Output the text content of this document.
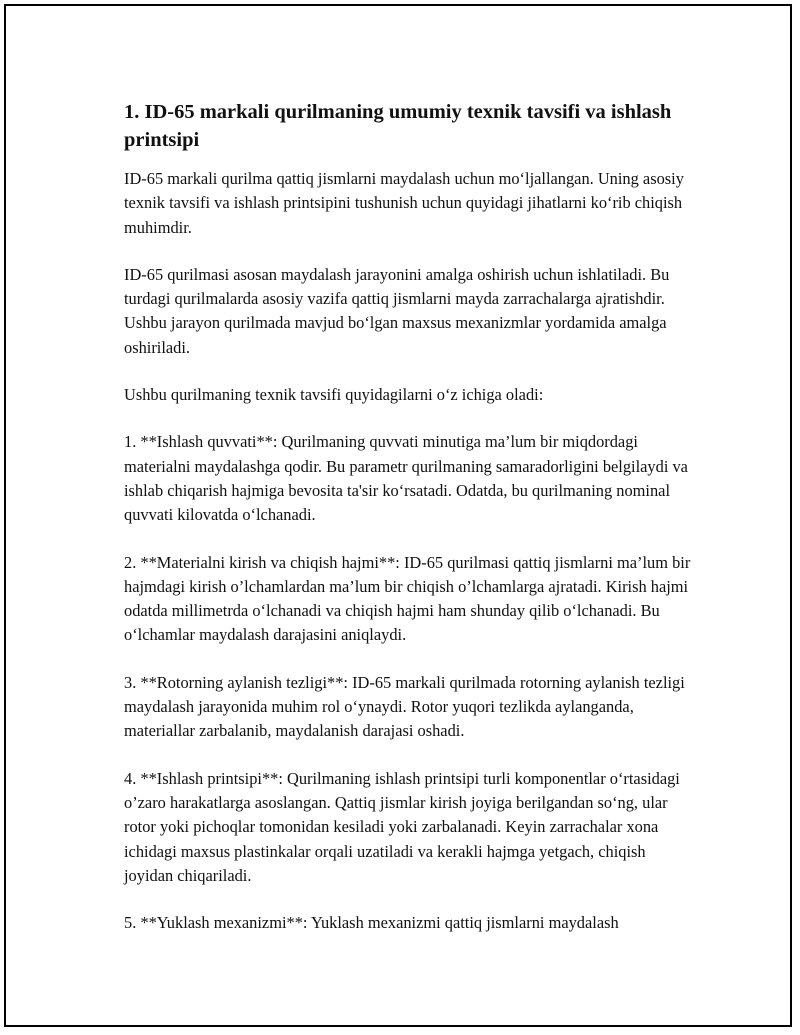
1. ID-65 markali qurilmaning umumiy texnik tavsifi va ishlash printsipi

ID-65 markali qurilma qattiq jismlarni maydalash uchun mo‘ljallangan. Uning asosiy texnik tavsifi va ishlash printsipini tushunish uchun quyidagi jihatlarni ko‘rib chiqish muhimdir.

ID-65 qurilmasi asosan maydalash jarayonini amalga oshirish uchun ishlatiladi. Bu turdagi qurilmalarda asosiy vazifa qattiq jismlarni mayda zarrachalarga ajratishdir. Ushbu jarayon qurilmada mavjud bo‘lgan maxsus mexanizmlar yordamida amalga oshiriladi.

Ushbu qurilmaning texnik tavsifi quyidagilarni o‘z ichiga oladi:

1. **Ishlash quvvati**: Qurilmaning quvvati minutiga ma’lum bir miqdordagi materialni maydalashga qodir. Bu parametr qurilmaning samaradorligini belgilaydi va ishlab chiqarish hajmiga bevosita ta'sir ko‘rsatadi. Odatda, bu qurilmaning nominal quvvati kilovatda o‘lchanadi.

2. **Materialni kirish va chiqish hajmi**: ID-65 qurilmasi qattiq jismlarni ma’lum bir hajmdagi kirish o’lchamlardan ma’lum bir chiqish o’lchamlarga ajratadi. Kirish hajmi odatda millimetrda o‘lchanadi va chiqish hajmi ham shunday qilib o‘lchanadi. Bu o‘lchamlar maydalash darajasini aniqlaydi.

3. **Rotorning aylanish tezligi**: ID-65 markali qurilmada rotorning aylanish tezligi maydalash jarayonida muhim rol o‘ynaydi. Rotor yuqori tezlikda aylanganda, materiallar zarbalanib, maydalanish darajasi oshadi.

4. **Ishlash printsipi**: Qurilmaning ishlash printsipi turli komponentlar o‘rtasidagi o’zaro harakatlarga asoslangan. Qattiq jismlar kirish joyiga berilgandan so‘ng, ular rotor yoki pichoqlar tomonidan kesiladi yoki zarbalanadi. Keyin zarrachalar xona ichidagi maxsus plastinkalar orqali uzatiladi va kerakli hajmga yetgach, chiqish joyidan chiqariladi.

5. **Yuklash mexanizmi**: Yuklash mexanizmi qattiq jismlarni maydalash
